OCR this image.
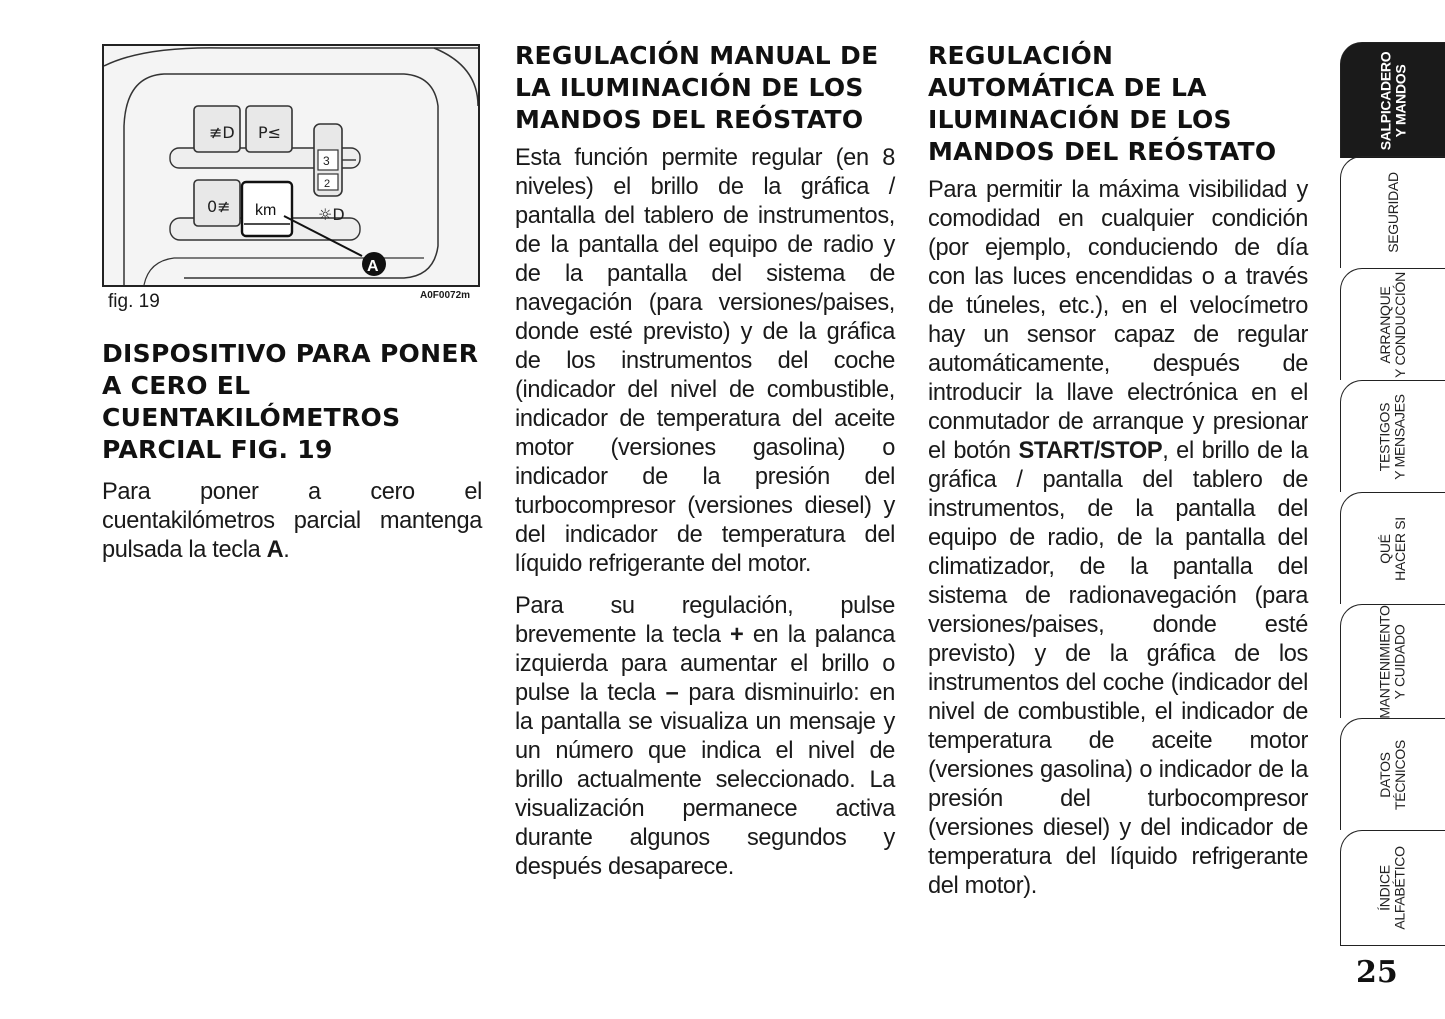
≢D P≤
3
2
0≢ km	☼D
A
fig. 19	A0F0072m
DISPOSITIVO PARA PONER A CERO EL CUENTAKILÓMETROS PARCIAL FIG. 19

Para poner a cero el cuentakilómetros parcial mantenga pulsada la tecla A.

REGULACIÓN MANUAL DE LA ILUMINACIÓN DE LOS MANDOS DEL REÓSTATO

Esta función permite regular (en 8 niveles) el brillo de la gráfica / pantalla del tablero de instrumentos, de la pantalla del equipo de radio y de la pantalla del sistema de navegación (para versiones/paises, donde esté previsto) y de la gráfica de los instrumentos del coche (indicador del nivel de combustible, indicador de temperatura del aceite motor (versiones gasolina) o indicador de la presión del turbocompresor (versiones diesel) y del indicador de temperatura del líquido refrigerante del motor.

Para su regulación, pulse brevemente la tecla + en la palanca izquierda para aumentar el brillo o pulse la tecla – para disminuirlo: en la pantalla se visualiza un mensaje y un número que indica el nivel de brillo actualmente seleccionado. La visualización permanece activa durante algunos segundos y después desaparece.

REGULACIÓN AUTOMÁTICA DE LA ILUMINACIÓN DE LOS MANDOS DEL REÓSTATO

Para permitir la máxima visibilidad y comodidad en cualquier condición (por ejemplo, conduciendo de día con las luces encendidas o a través de túneles, etc.), en el velocímetro hay un sensor capaz de regular automáticamente, después de introducir la llave electrónica en el conmutador de arranque y presionar el botón START/STOP, el brillo de la gráfica / pantalla del tablero de instrumentos, de la pantalla del equipo de radio, de la pantalla del climatizador, de la pantalla del sistema de radionavegación (para versiones/paises, donde esté previsto) y de la gráfica de los instrumentos del coche (indicador del nivel de combustible, el indicador de temperatura de aceite motor (versiones gasolina) o indicador de la presión del turbocompresor (versiones diesel) y del indicador de temperatura del líquido refrigerante del motor).

SALPICADERO
Y MANDOS
SEGURIDAD
ARRANQUE
Y CONDUCCIÓN
TESTIGOS
Y MENSAJES
QUÉ
HACER SI
MANTENIMIENTO
Y CUIDADO
DATOS
TÉCNICOS
ÍNDICE
ALFABÉTICO
25
